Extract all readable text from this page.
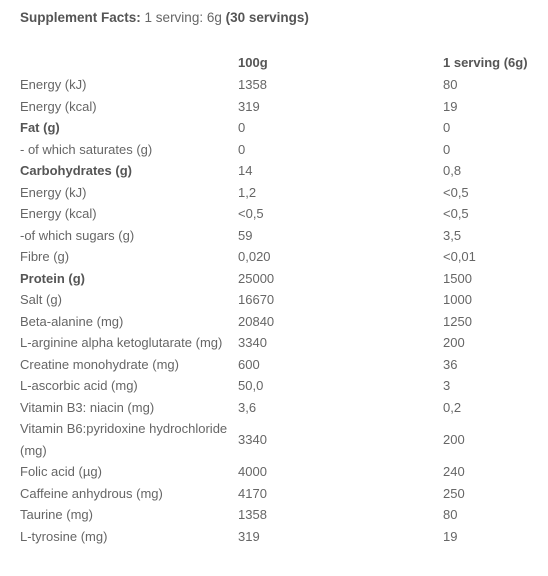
Supplement Facts: 1 serving: 6g (30 servings)
	100g	1 serving (6g)
Energy (kJ)	1358	80
Energy (kcal)	319	19
Fat (g)	0	0
- of which saturates (g)	0	0
Carbohydrates (g)	14	0,8
Energy (kJ)	1,2	<0,5
Energy (kcal)	<0,5	<0,5
-of which sugars (g)	59	3,5
Fibre (g)	0,020	<0,01
Protein (g)	25000	1500
Salt (g)	16670	1000
Beta-alanine (mg)	20840	1250
L-arginine alpha ketoglutarate (mg)	3340	200
Creatine monohydrate (mg)	600	36
L-ascorbic acid (mg)	50,0	3
Vitamin B3: niacin (mg)	3,6	0,2
Vitamin B6:pyridoxine hydrochloride (mg)	3340	200
Folic acid (µg)	4000	240
Caffeine anhydrous (mg)	4170	250
Taurine (mg)	1358	80
L-tyrosine (mg)	319	19
